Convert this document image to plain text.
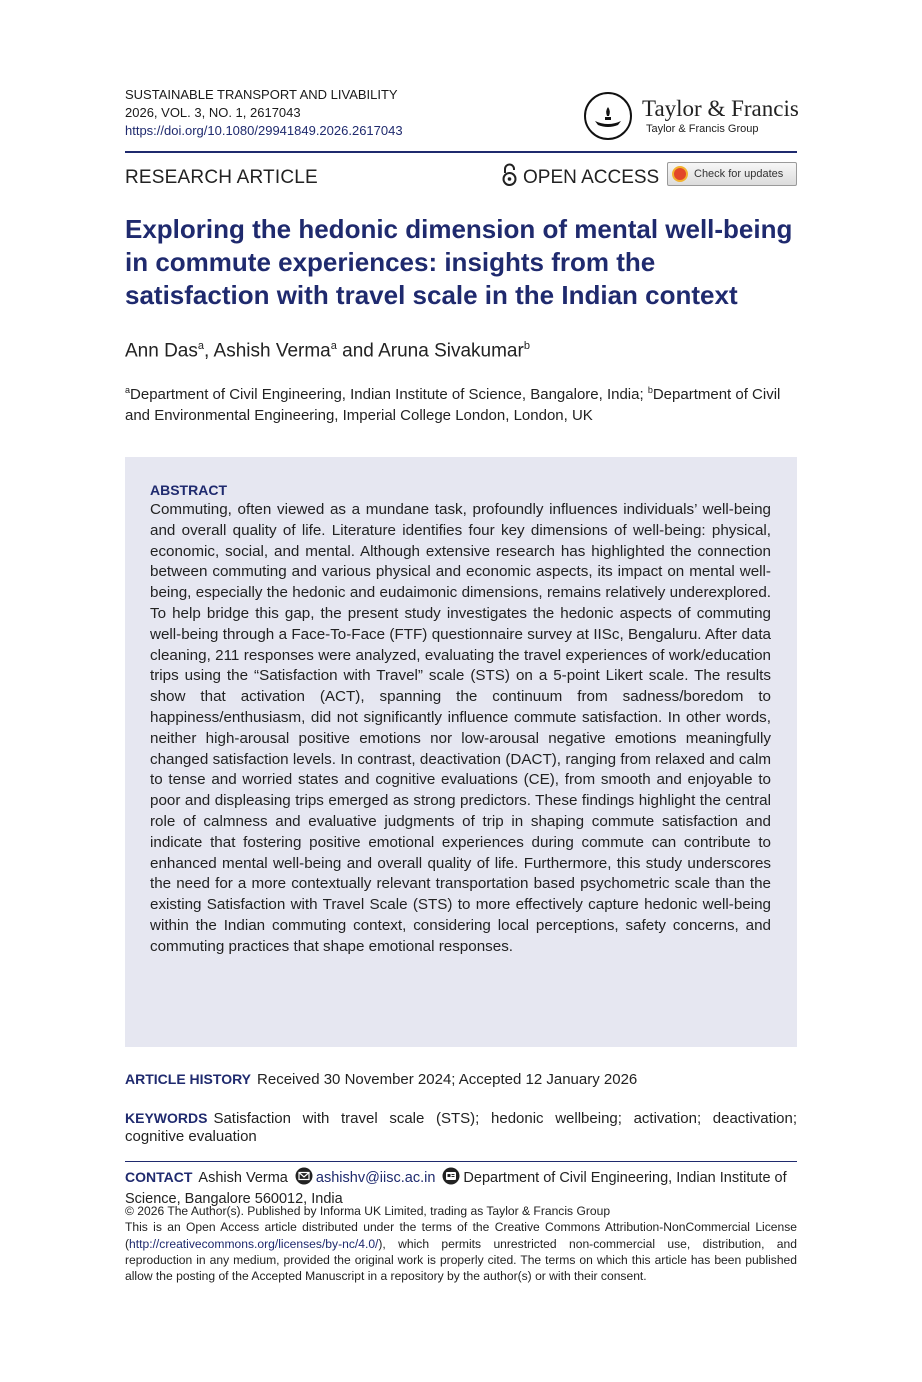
SUSTAINABLE TRANSPORT AND LIVABILITY
2026, VOL. 3, NO. 1, 2617043
https://doi.org/10.1080/29941849.2026.2617043
Taylor & Francis
Taylor & Francis Group
RESEARCH ARTICLE	OPEN ACCESS	Check for updates
Exploring the hedonic dimension of mental well-being in commute experiences: insights from the satisfaction with travel scale in the Indian context
Ann Das$^a$, Ashish Verma$^a$ and Aruna Sivakumar$^b$
$^a$Department of Civil Engineering, Indian Institute of Science, Bangalore, India; $^b$Department of Civil and Environmental Engineering, Imperial College London, London, UK
ABSTRACT
Commuting, often viewed as a mundane task, profoundly influences individuals’ well-being and overall quality of life. Literature identifies four key dimensions of well-being: physical, economic, social, and mental. Although extensive research has highlighted the connection between commuting and various physical and economic aspects, its impact on mental well-being, especially the hedonic and eudaimonic dimensions, remains relatively underexplored. To help bridge this gap, the present study investigates the hedonic aspects of commuting well-being through a Face-To-Face (FTF) questionnaire survey at IISc, Bengaluru. After data cleaning, 211 responses were analyzed, evaluating the travel experiences of work/education trips using the “Satisfaction with Travel” scale (STS) on a 5-point Likert scale. The results show that activation (ACT), spanning the continuum from sadness/boredom to happiness/enthusiasm, did not significantly influence commute satisfaction. In other words, neither high-arousal positive emotions nor low-arousal negative emotions meaningfully changed satisfaction levels. In contrast, deactivation (DACT), ranging from relaxed and calm to tense and worried states and cognitive evaluations (CE), from smooth and enjoyable to poor and displeasing trips emerged as strong predictors. These findings highlight the central role of calmness and evaluative judgments of trip in shaping commute satisfaction and indicate that fostering positive emotional experiences during commute can contribute to enhanced mental well-being and overall quality of life. Furthermore, this study underscores the need for a more contextually relevant transportation based psychometric scale than the existing Satisfaction with Travel Scale (STS) to more effectively capture hedonic well-being within the Indian commuting context, considering local perceptions, safety concerns, and commuting practices that shape emotional responses.
ARTICLE HISTORY Received 30 November 2024; Accepted 12 January 2026
KEYWORDS Satisfaction with travel scale (STS); hedonic wellbeing; activation; deactivation; cognitive evaluation
CONTACT Ashish Verma ashishv@iisc.ac.in Department of Civil Engineering, Indian Institute of Science, Bangalore 560012, India
© 2026 The Author(s). Published by Informa UK Limited, trading as Taylor & Francis Group
This is an Open Access article distributed under the terms of the Creative Commons Attribution-NonCommercial License (http://creativecommons.org/licenses/by-nc/4.0/), which permits unrestricted non-commercial use, distribution, and reproduction in any medium, provided the original work is properly cited. The terms on which this article has been published allow the posting of the Accepted Manuscript in a repository by the author(s) or with their consent.
